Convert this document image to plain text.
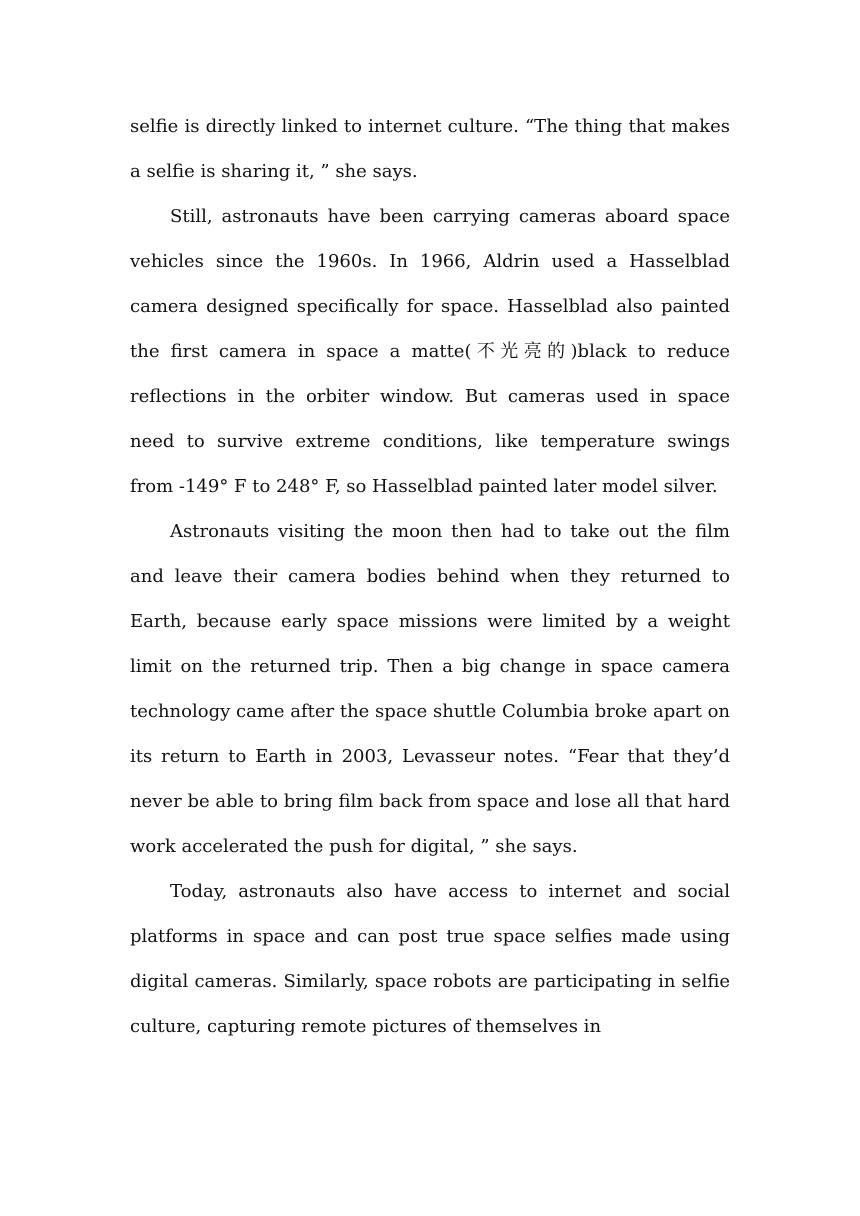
selfie is directly linked to internet culture. “The thing that makes a selfie is sharing it, ” she says.

Still, astronauts have been carrying cameras aboard space vehicles since the 1960s. In 1966, Aldrin used a Hasselblad camera designed specifically for space. Hasselblad also painted the first camera in space a matte(不光亮的)black to reduce reflections in the orbiter window. But cameras used in space need to survive extreme conditions, like temperature swings from -149° F to 248° F, so Hasselblad painted later model silver.

Astronauts visiting the moon then had to take out the film and leave their camera bodies behind when they returned to Earth, because early space missions were limited by a weight limit on the returned trip. Then a big change in space camera technology came after the space shuttle Columbia broke apart on its return to Earth in 2003, Levasseur notes. “Fear that they’d never be able to bring film back from space and lose all that hard work accelerated the push for digital, ” she says.

Today, astronauts also have access to internet and social platforms in space and can post true space selfies made using digital cameras. Similarly, space robots are participating in selfie culture, capturing remote pictures of themselves in
